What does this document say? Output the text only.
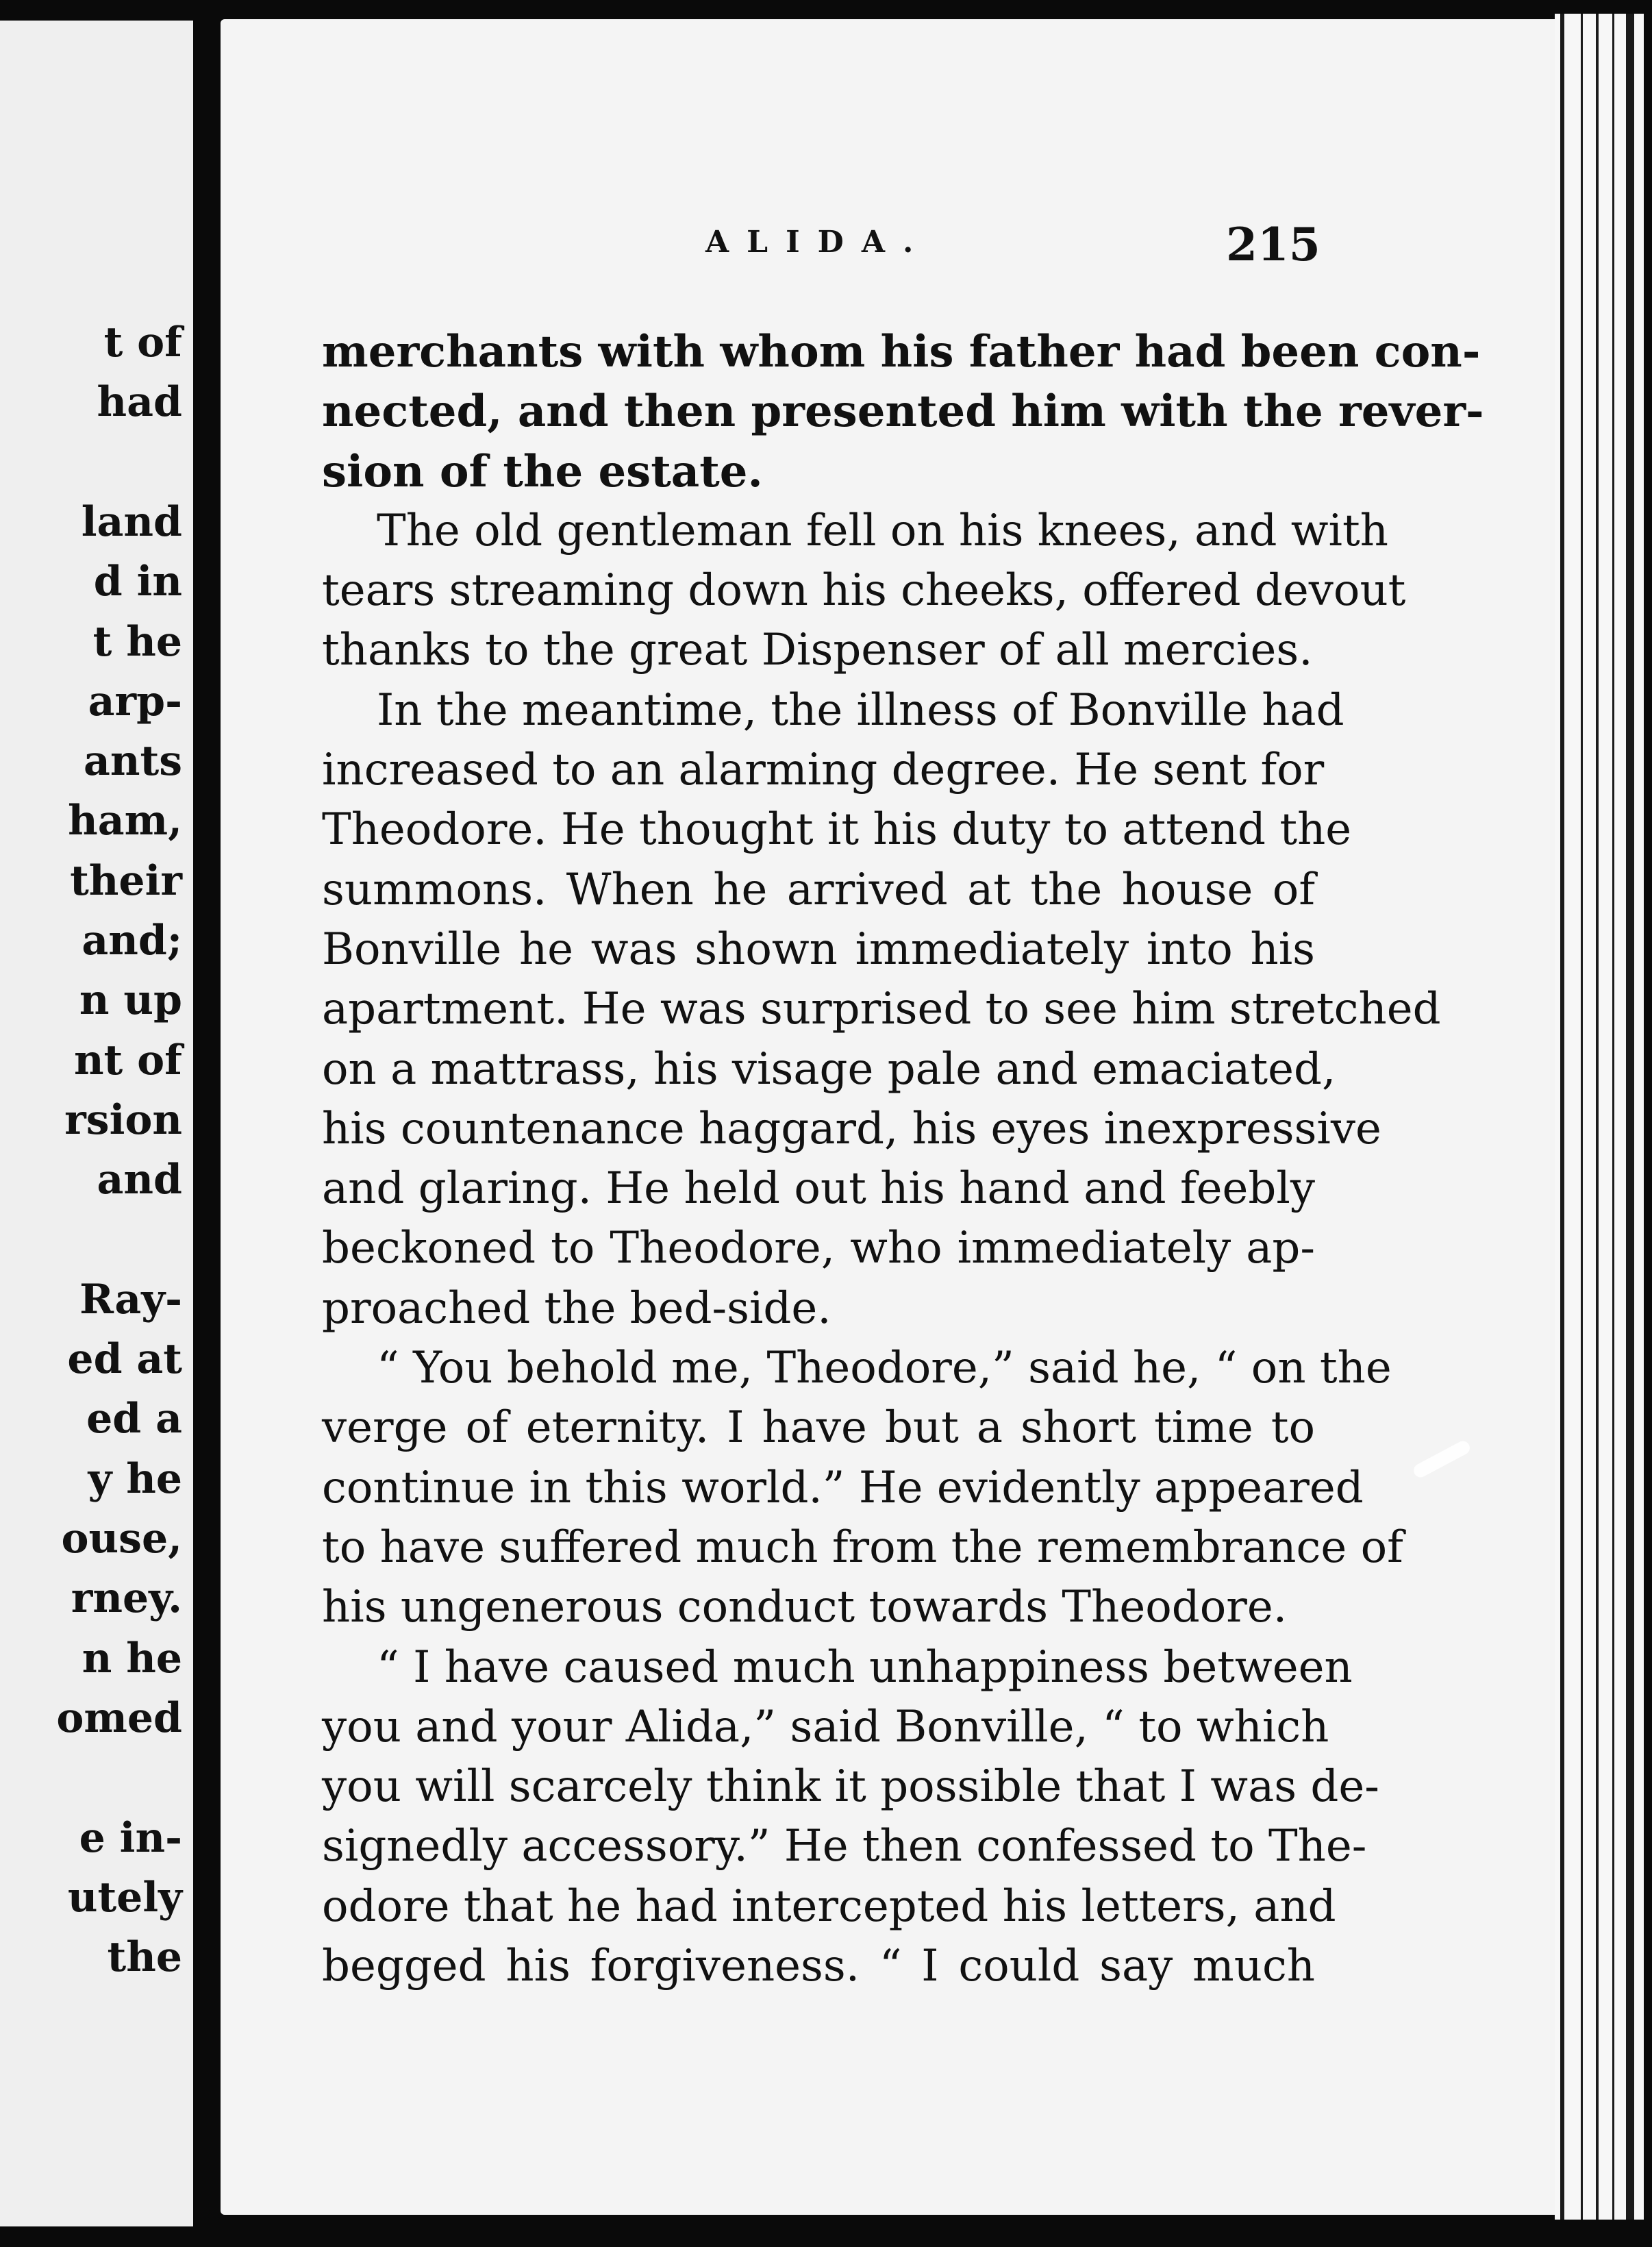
t of
had
land
d in
t he
arp-
ants
ham,
their
and;
n up
nt of
rsion
and
Ray-
ed at
ed a
y he
ouse,
rney.
n he
omed
e in-
utely
the
ALIDA.	215
merchants with whom his father had been con-
nected, and then presented him with the rever-
sion of the estate.
The old gentleman fell on his knees, and with
tears streaming down his cheeks, offered devout
thanks to the great Dispenser of all mercies.
In the meantime, the illness of Bonville had
increased to an alarming degree. He sent for
Theodore. He thought it his duty to attend the
summons. When he arrived at the house of
Bonville he was shown immediately into his
apartment. He was surprised to see him stretched
on a mattrass, his visage pale and emaciated,
his countenance haggard, his eyes inexpressive
and glaring. He held out his hand and feebly
beckoned to Theodore, who immediately ap-
proached the bed-side.
“ You behold me, Theodore,” said he, “ on the
verge of eternity. I have but a short time to
continue in this world.” He evidently appeared
to have suffered much from the remembrance of
his ungenerous conduct towards Theodore.
“ I have caused much unhappiness between
you and your Alida,” said Bonville, “ to which
you will scarcely think it possible that I was de-
signedly accessory.” He then confessed to The-
odore that he had intercepted his letters, and
begged his forgiveness. “ I could say much
